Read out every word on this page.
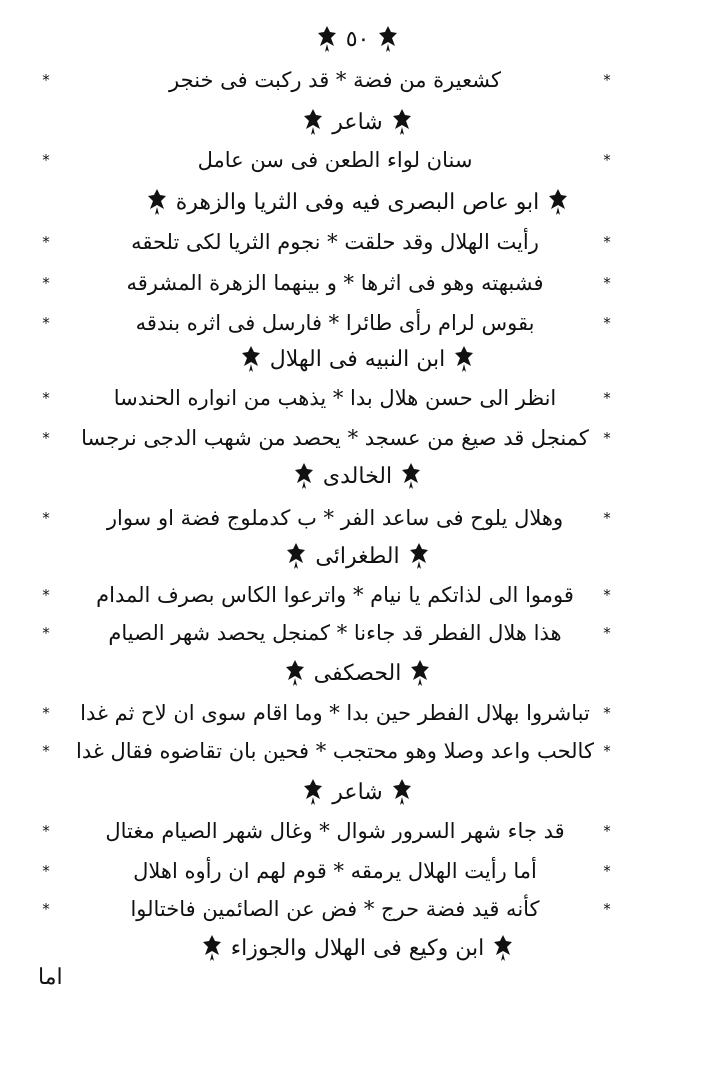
٥٠
*
كشعيرة من فضة * قد ركبت فى خنجر
*
شاعر
*
سنان لواء الطعن فى سن عامل
*
ابو عاص البصرى فيه وفى الثريا والزهرة
*
رأيت الهلال وقد حلقت * نجوم الثريا لكى تلحقه
*
*
فشبهته وهو فى اثرها * و بينهما الزهرة المشرقه
*
*
بقوس لرام رأى طائرا * فارسل فى اثره بندقه
*
ابن النبيه فى الهلال
*
انظر الى حسن هلال بدا * يذهب من انواره الحندسا
*
*
كمنجل قد صيغ من عسجد * يحصد من شهب الدجى نرجسا
*
الخالدى
*
وهلال يلوح فى ساعد الفر * ب كدملوج فضة او سوار
*
الطغرائى
*
قوموا الى لذاتكم يا نيام * واترعوا الكاس بصرف المدام
*
*
هذا هلال الفطر قد جاءنا * كمنجل يحصد شهر الصيام
*
الحصكفى
*
تباشروا بهلال الفطر حين بدا * وما اقام سوى ان لاح ثم غدا
*
*
كالحب واعد وصلا وهو محتجب * فحين بان تقاضوه فقال غدا
*
شاعر
*
قد جاء شهر السرور شوال * وغال شهر الصيام مغتال
*
*
أما رأيت الهلال يرمقه * قوم لهم ان رأوه اهلال
*
*
كأنه قيد فضة حرج * فض عن الصائمين فاختالوا
*
ابن وكيع فى الهلال والجوزاء
اما
